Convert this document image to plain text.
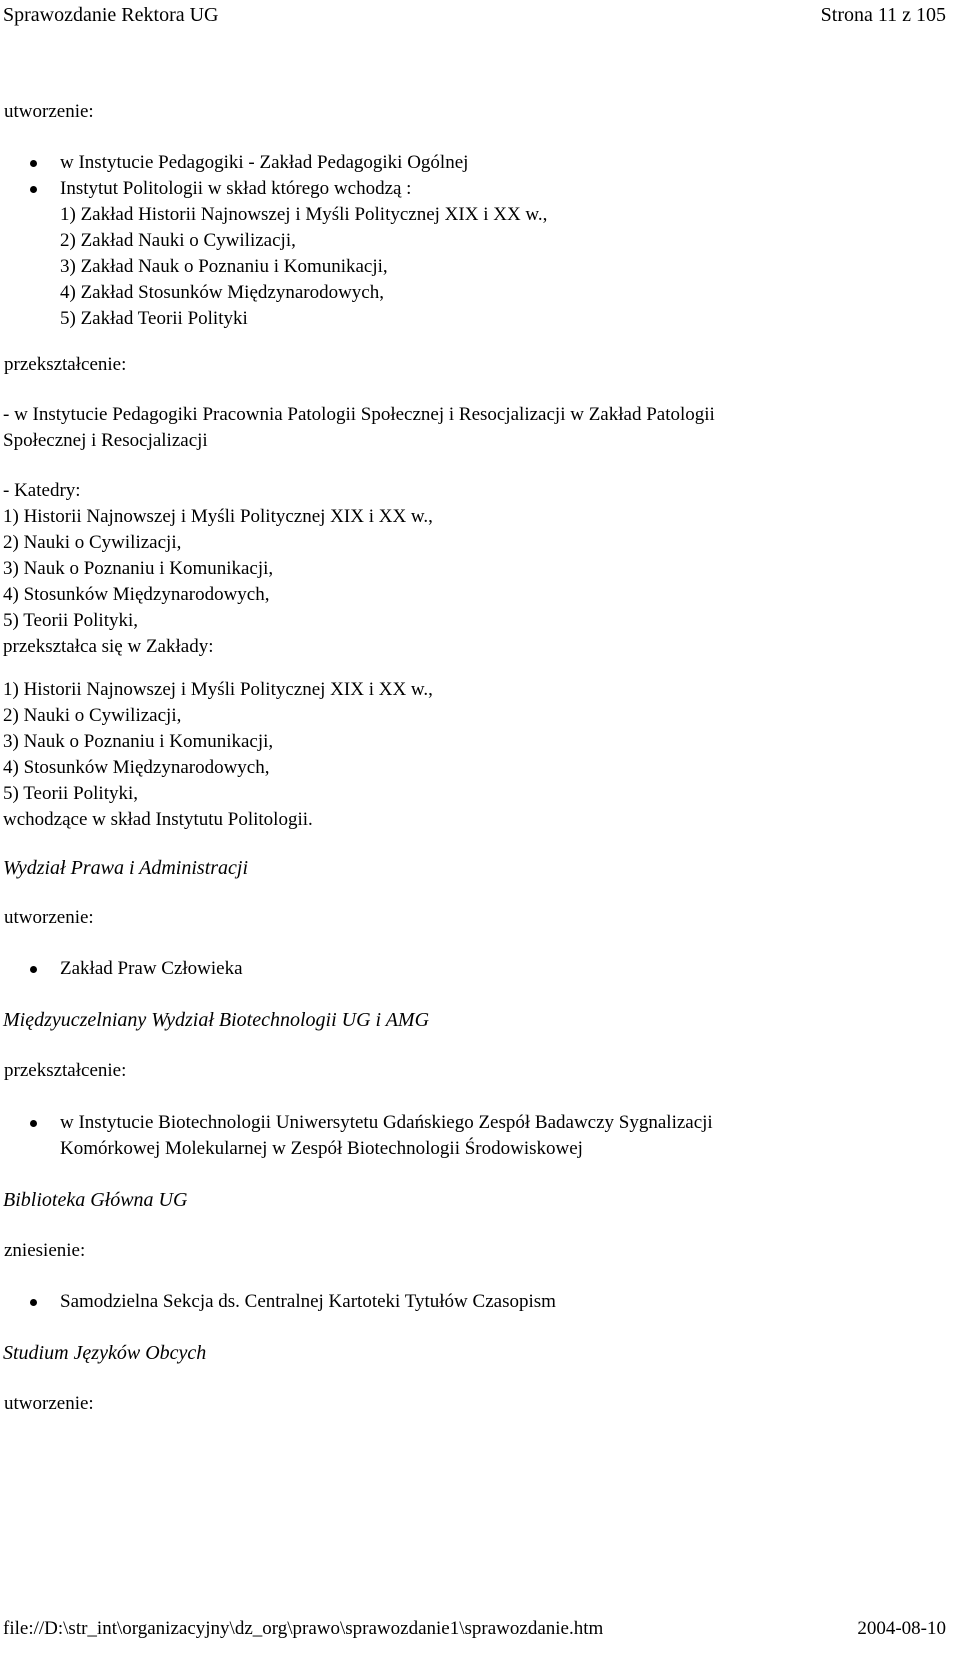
Sprawozdanie Rektora UG	Strona 11 z 105
utworzenie:
w Instytucie Pedagogiki - Zakład Pedagogiki Ogólnej
Instytut Politologii w skład którego wchodzą :
1) Zakład Historii Najnowszej i Myśli Politycznej XIX i XX w.,
2) Zakład Nauki o Cywilizacji,
3) Zakład Nauk o Poznaniu i Komunikacji,
4) Zakład Stosunków Międzynarodowych,
5) Zakład Teorii Polityki
przekształcenie:
- w Instytucie Pedagogiki Pracownia Patologii Społecznej i Resocjalizacji w Zakład Patologii
Społecznej i Resocjalizacji
- Katedry:
1) Historii Najnowszej i Myśli Politycznej XIX i XX w.,
2) Nauki o Cywilizacji,
3) Nauk o Poznaniu i Komunikacji,
4) Stosunków Międzynarodowych,
5) Teorii Polityki,
przekształca się w Zakłady:
1) Historii Najnowszej i Myśli Politycznej XIX i XX w.,
2) Nauki o Cywilizacji,
3) Nauk o Poznaniu i Komunikacji,
4) Stosunków Międzynarodowych,
5) Teorii Polityki,
wchodzące w skład Instytutu Politologii.
Wydział Prawa i Administracji
utworzenie:
Zakład Praw Człowieka
Międzyuczelniany Wydział Biotechnologii UG i AMG
przekształcenie:
w Instytucie Biotechnologii Uniwersytetu Gdańskiego Zespół Badawczy Sygnalizacji
Komórkowej Molekularnej w Zespół Biotechnologii Środowiskowej
Biblioteka Główna UG
zniesienie:
Samodzielna Sekcja ds. Centralnej Kartoteki Tytułów Czasopism
Studium Języków Obcych
utworzenie:
file://D:\str_int\organizacyjny\dz_org\prawo\sprawozdanie1\sprawozdanie.htm	2004-08-10
